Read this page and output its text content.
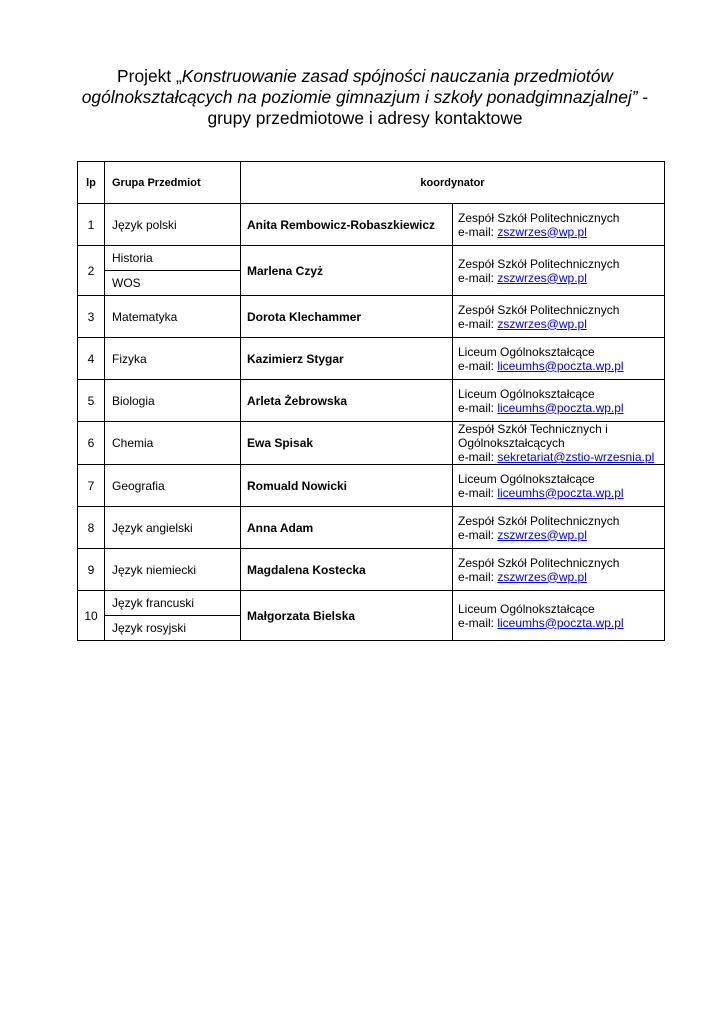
Projekt „Konstruowanie zasad spójności nauczania przedmiotów ogólnokształcących na poziomie gimnazjum i szkoły ponadgimnazjalnej” - grupy przedmiotowe i adresy kontaktowe
lp	Grupa Przedmiot	koordynator	
1	Język polski	Anita Rembowicz-Robaszkiewicz	Zespół Szkół Politechnicznych
e-mail: zszwrzes@wp.pl

2	Historia	Marlena Czyż	Zespół Szkół Politechnicznych
e-mail: zszwrzes@wp.pl

	WOS		
3	Matematyka	Dorota Klechammer	Zespół Szkół Politechnicznych
e-mail: zszwrzes@wp.pl

4	Fizyka	Kazimierz Stygar	Liceum Ogólnokształcące
e-mail: liceumhs@poczta.wp.pl

5	Biologia	Arleta Żebrowska	Liceum Ogólnokształcące
e-mail: liceumhs@poczta.wp.pl

6	Chemia	Ewa Spisak	Zespół Szkół Technicznych i Ogólnokształcących
e-mail: sekretariat@zstio-wrzesnia.pl

7	Geografia	Romuald Nowicki	Liceum Ogólnokształcące
e-mail: liceumhs@poczta.wp.pl

8	Język angielski	Anna Adam	Zespół Szkół Politechnicznych
e-mail: zszwrzes@wp.pl

9	Język niemiecki	Magdalena Kostecka	Zespół Szkół Politechnicznych
e-mail: zszwrzes@wp.pl

10	Język francuski	Małgorzata Bielska	Liceum Ogólnokształcące
e-mail: liceumhs@poczta.wp.pl

	Język rosyjski		
